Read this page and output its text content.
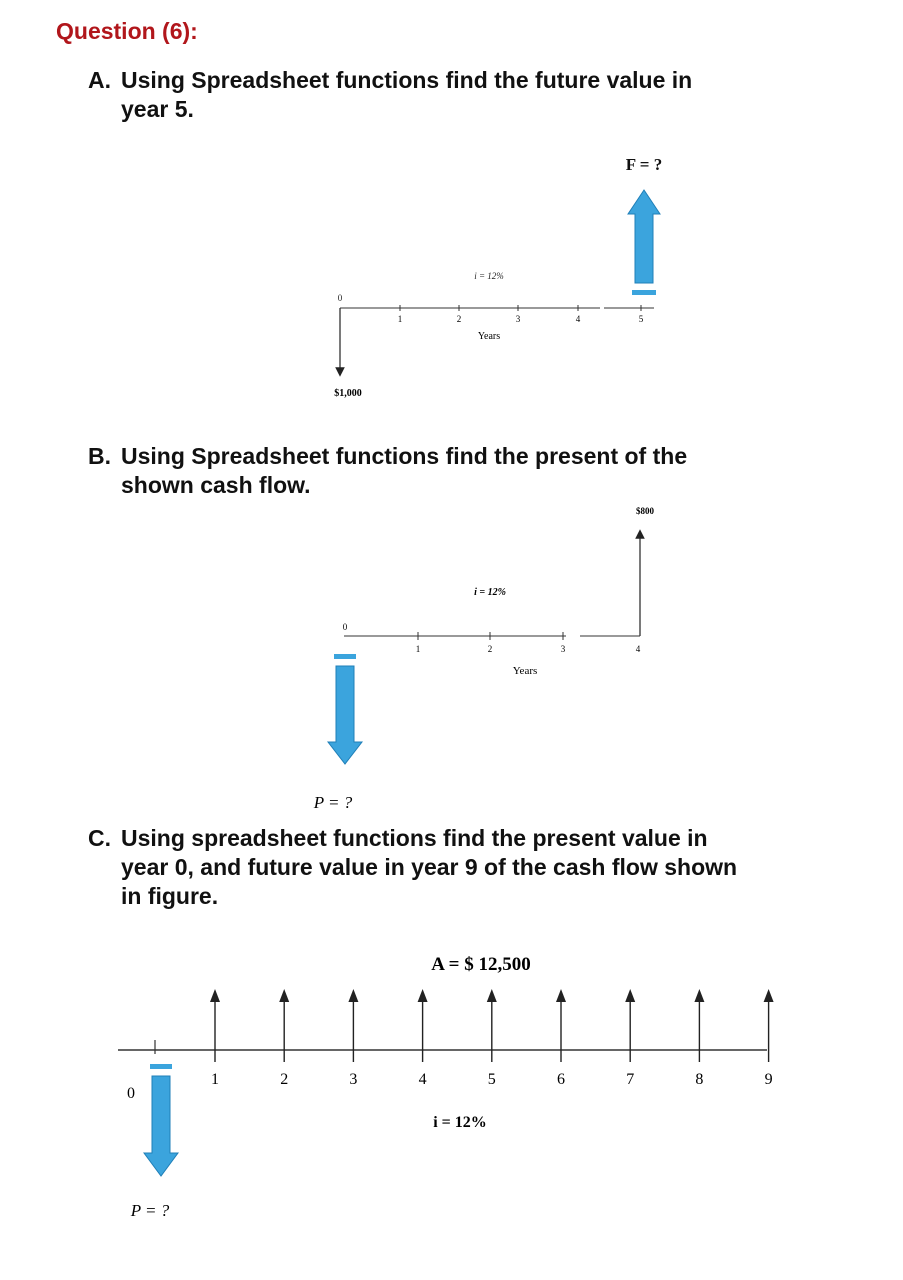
Question (6):
A. Using Spreadsheet functions find the future value in
year 5.
B. Using Spreadsheet functions find the present of the
shown cash flow.
C. Using spreadsheet functions find the present value in
year 0, and future value in year 9 of the cash flow shown
in figure.
F = ?
i = 12%
0
1	2	3	4	5
Years
$1,000
$800
i = 12%
0
1	2	3	4
Years
P = ?
A = $ 12,500
1	2	3	4	5	6	7	8	9
0
i = 12%
P = ?
